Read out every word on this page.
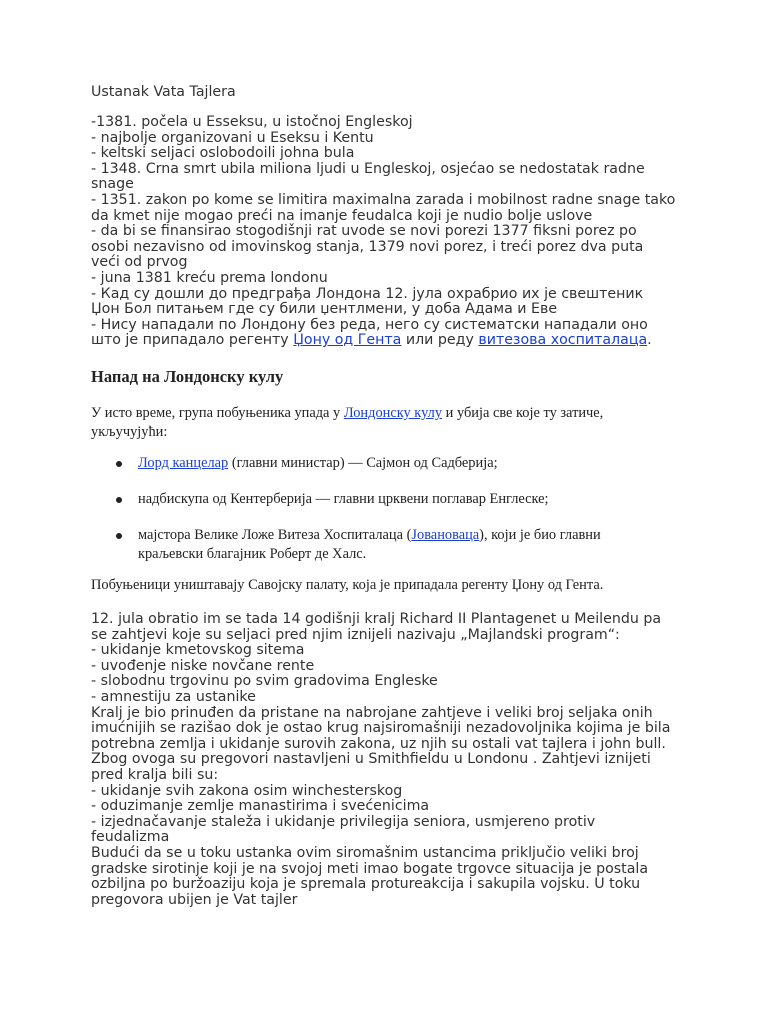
Ustanak Vata Tajlera
-1381. počela u Esseksu, u istočnoj Engleskoj
- najbolje organizovani u Eseksu i Kentu
- keltski seljaci oslobodoili johna bula
- 1348. Crna smrt ubila miliona ljudi u Engleskoj, osjećao se nedostatak radne
snage
- 1351. zakon po kome se limitira maximalna zarada i mobilnost radne snage tako
da kmet nije mogao preći na imanje feudalca koji je nudio bolje uslove
- da bi se finansirao stogodišnji rat uvode se novi porezi 1377 fiksni porez po
osobi nezavisno od imovinskog stanja, 1379 novi porez, i treći porez dva puta
veći od prvog
- juna 1381 kreću prema londonu
- Кад су дошли до предграђа Лондона 12. јула охрабрио их је свештеник
Џон Бол питањем где су били џентлмени, у доба Адама и Еве
- Нису нападали по Лондону без реда, него су систематски нападали оно
што је припадало регенту Џону од Гента или реду витезова хоспиталаца.
Напад на Лондонску кулу
У исто време, група побуњеника упада у Лондонску кулу и убија све које ту затиче,
укључујући:
Лорд канцелар (главни министар) — Сајмон од Садберија;
надбискупа од Кентерберија — главни црквени поглавар Енглеске;
мајстора Велике Ложе Витеза Хоспиталаца (Јовановаца), који је био главни
краљевски благајник Роберт де Халс.
Побуњеници уништавају Савојску палату, која је припадала регенту Џону од Гента.
12. jula obratio im se tada 14 godišnji kralj Richard II Plantagenet u Meilendu pa
se zahtjevi koje su seljaci pred njim iznijeli nazivaju „Majlandski program“:
- ukidanje kmetovskog sitema
- uvođenje niske novčane rente
- slobodnu trgovinu po svim gradovima Engleske
- amnestiju za ustanike
Kralj je bio prinuđen da pristane na nabrojane zahtjeve i veliki broj seljaka onih
imućnijih se razišao dok je ostao krug najsiromašniji nezadovoljnika kojima je bila
potrebna zemlja i ukidanje surovih zakona, uz njih su ostali vat tajlera i john bull.
Zbog ovoga su pregovori nastavljeni u Smithfieldu u Londonu . Zahtjevi iznijeti
pred kralja bili su:
- ukidanje svih zakona osim winchesterskog
- oduzimanje zemlje manastirima i svećenicima
- izjednačavanje staleža i ukidanje privilegija seniora, usmjereno protiv
feudalizma
Budući da se u toku ustanka ovim siromašnim ustancima priključio veliki broj
gradske sirotinje koji je na svojoj meti imao bogate trgovce situacija je postala
ozbiljna po buržoaziju koja je spremala protureakcija i sakupila vojsku. U toku
pregovora ubijen je Vat tajler
